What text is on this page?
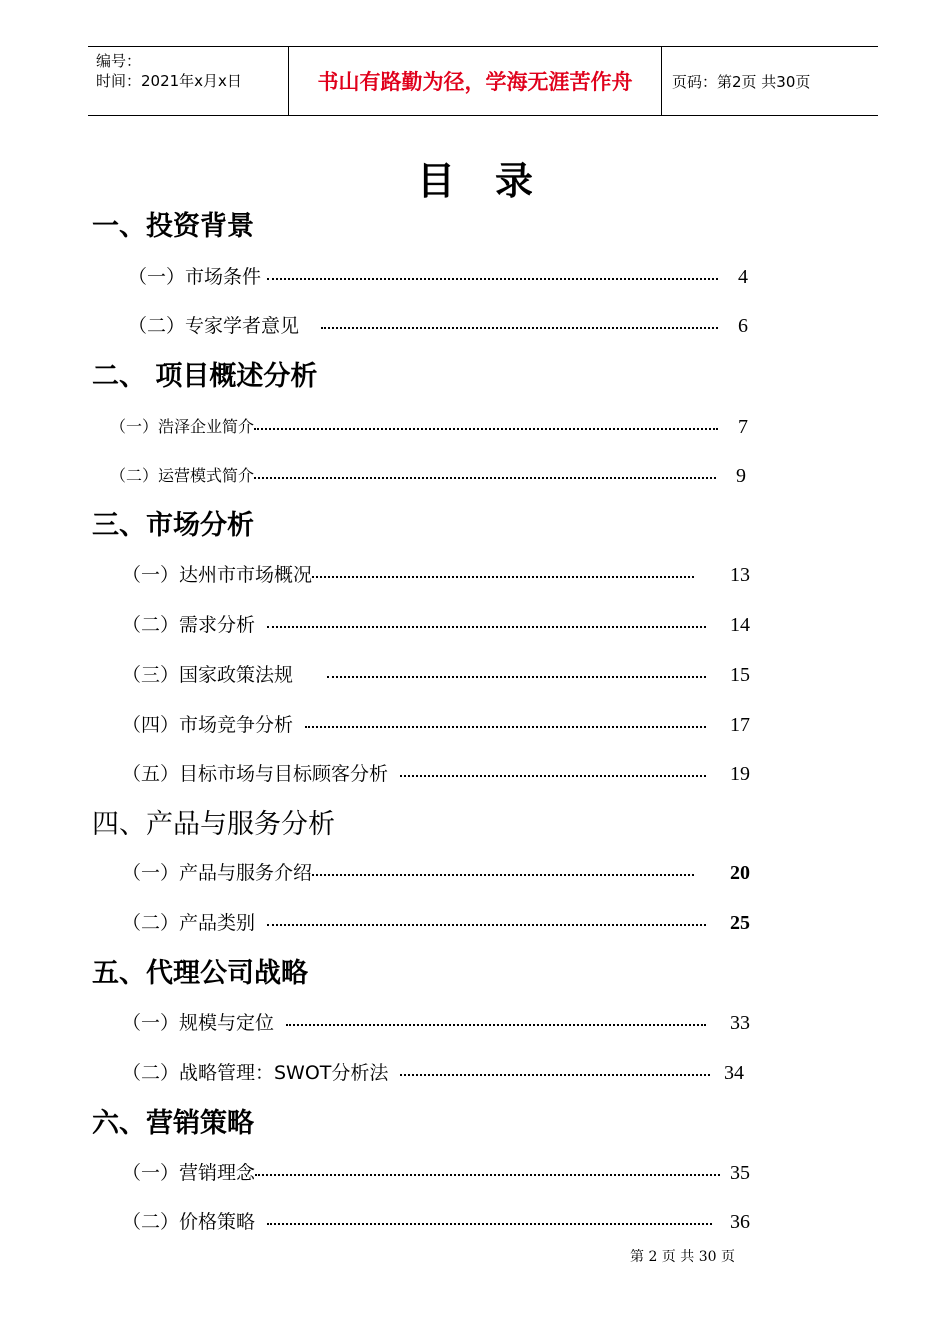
编号：
时间：2021年x月x日	书山有路勤为径，学海无涯苦作舟	页码：第2页 共30页
目录
一、投资背景
（一）市场条件	4
（二）专家学者意见	6
二、 项目概述分析
（一）浩泽企业简介	7
（二）运营模式简介	9
三、市场分析
（一）达州市市场概况	13
（二）需求分析	14
（三）国家政策法规	15
（四）市场竞争分析	17
（五）目标市场与目标顾客分析	19
四、产品与服务分析
（一）产品与服务介绍	20
（二）产品类别	25
五、代理公司战略
（一）规模与定位	33
（二）战略管理：SWOT分析法	34
六、营销策略
（一）营销理念	35
（二）价格策略	36
第 2 页 共 30 页
